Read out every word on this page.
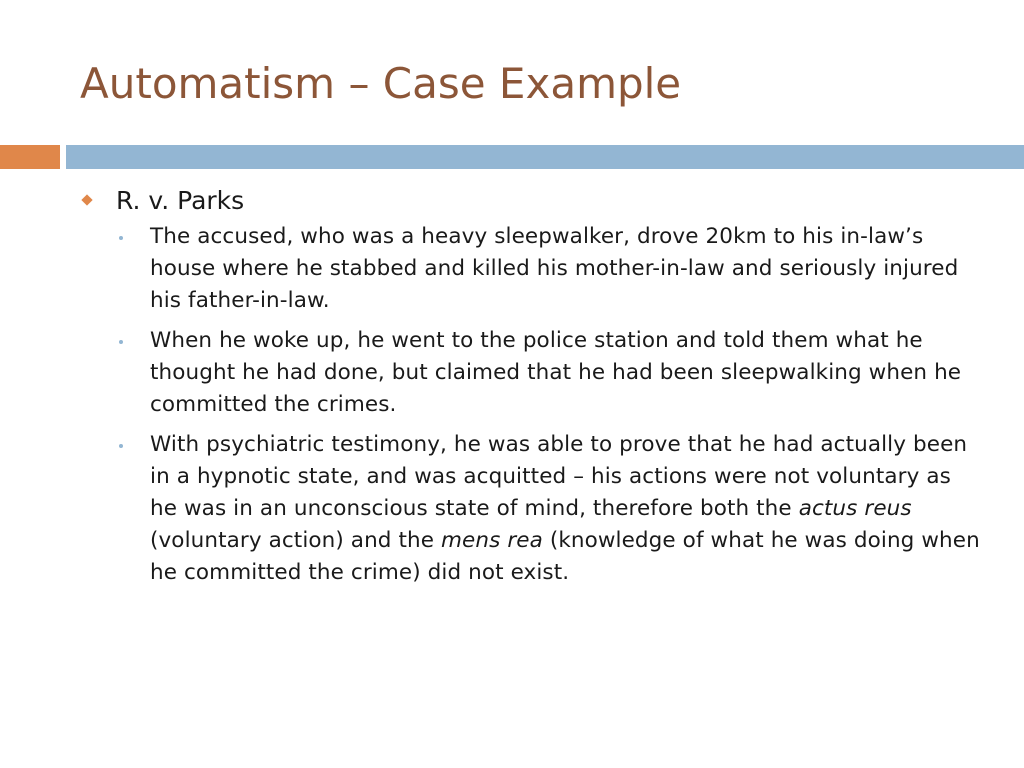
Automatism – Case Example
R. v. Parks
The accused, who was a heavy sleepwalker, drove 20km to his in-law’s house where he stabbed and killed his mother-in-law and seriously injured his father-in-law.
When he woke up, he went to the police station and told them what he thought he had done, but claimed that he had been sleepwalking when he committed the crimes.
With psychiatric testimony, he was able to prove that he had actually been in a hypnotic state, and was acquitted – his actions were not voluntary as he was in an unconscious state of mind, therefore both the actus reus (voluntary action) and the mens rea (knowledge of what he was doing when he committed the crime) did not exist.
